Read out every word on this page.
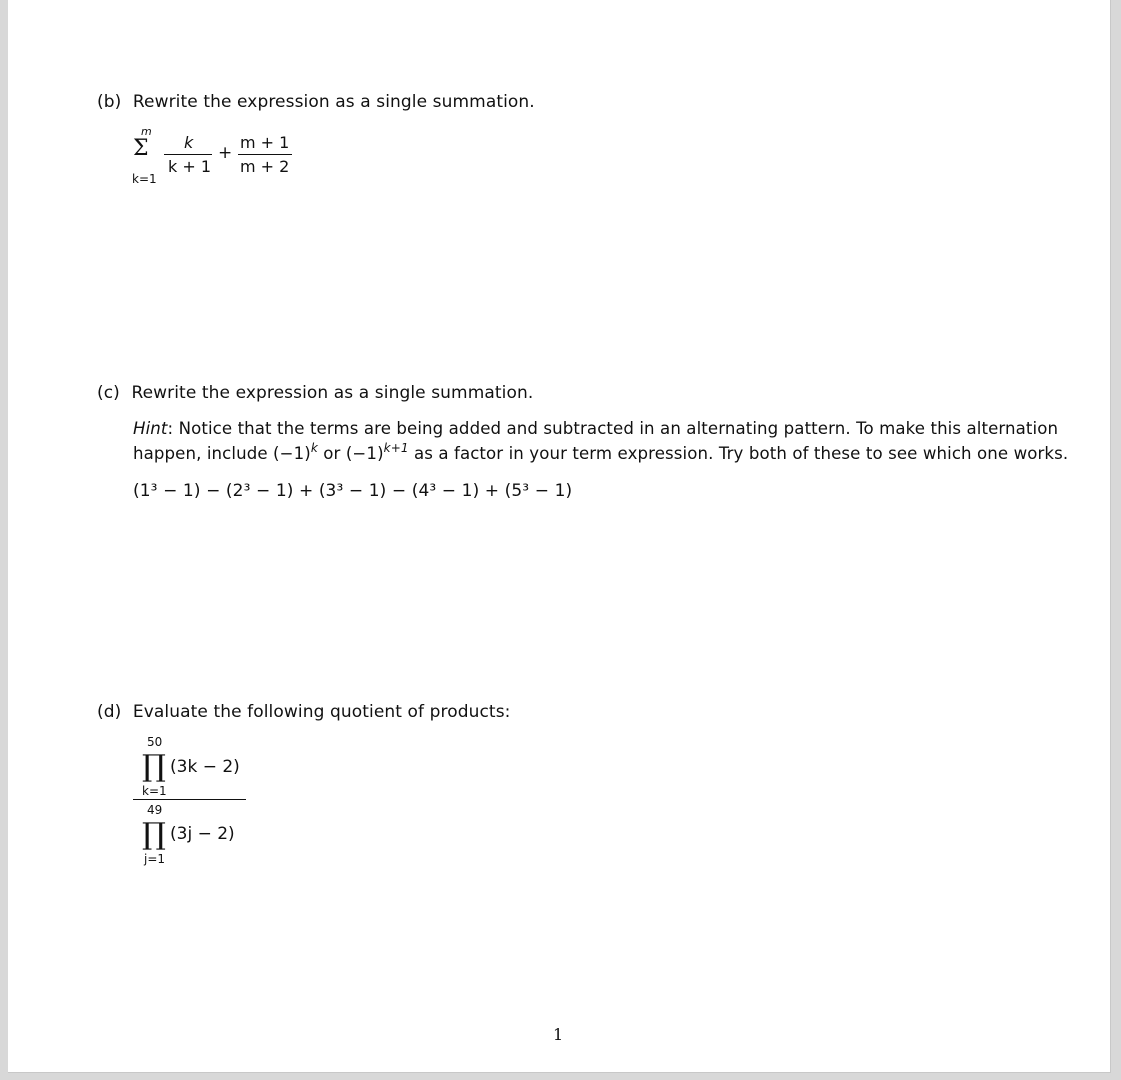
(b) Rewrite the expression as a single summation.
m
Σ
k=1
k
k + 1
+
m + 1
m + 2
(c) Rewrite the expression as a single summation.
Hint: Notice that the terms are being added and subtracted in an alternating pattern. To make this alternation
happen, include $(-1)^k$ or $(-1)^{k+1}$ as a factor in your term expression. Try both of these to see which one works.
(1³ − 1) − (2³ − 1) + (3³ − 1) − (4³ − 1) + (5³ − 1)
(d) Evaluate the following quotient of products:
50
∏ (3k − 2)
k=1
49
∏ (3j − 2)
j=1
1
